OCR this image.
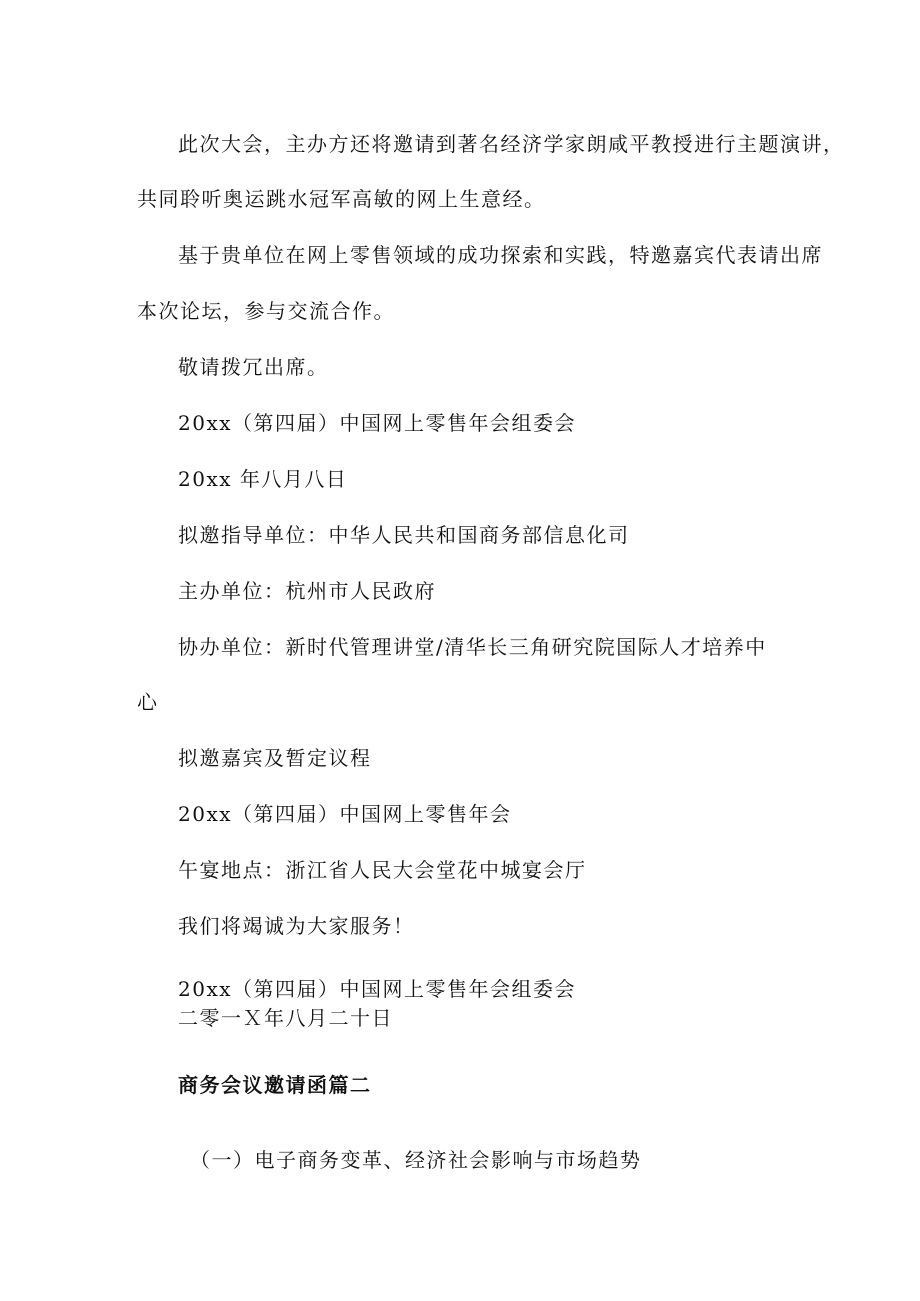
此次大会，主办方还将邀请到著名经济学家朗咸平教授进行主题演讲，

共同聆听奥运跳水冠军高敏的网上生意经。

基于贵单位在网上零售领域的成功探索和实践，特邀嘉宾代表请出席

本次论坛，参与交流合作。

敬请拨冗出席。

20xx（第四届）中国网上零售年会组委会

20xx 年八月八日

拟邀指导单位：中华人民共和国商务部信息化司

主办单位：杭州市人民政府

协办单位：新时代管理讲堂/清华长三角研究院国际人才培养中

心

拟邀嘉宾及暂定议程

20xx（第四届）中国网上零售年会

午宴地点：浙江省人民大会堂花中城宴会厅

我们将竭诚为大家服务！

20xx（第四届）中国网上零售年会组委会

二零一Ｘ年八月二十日

商务会议邀请函篇二

（一）电子商务变革、经济社会影响与市场趋势
